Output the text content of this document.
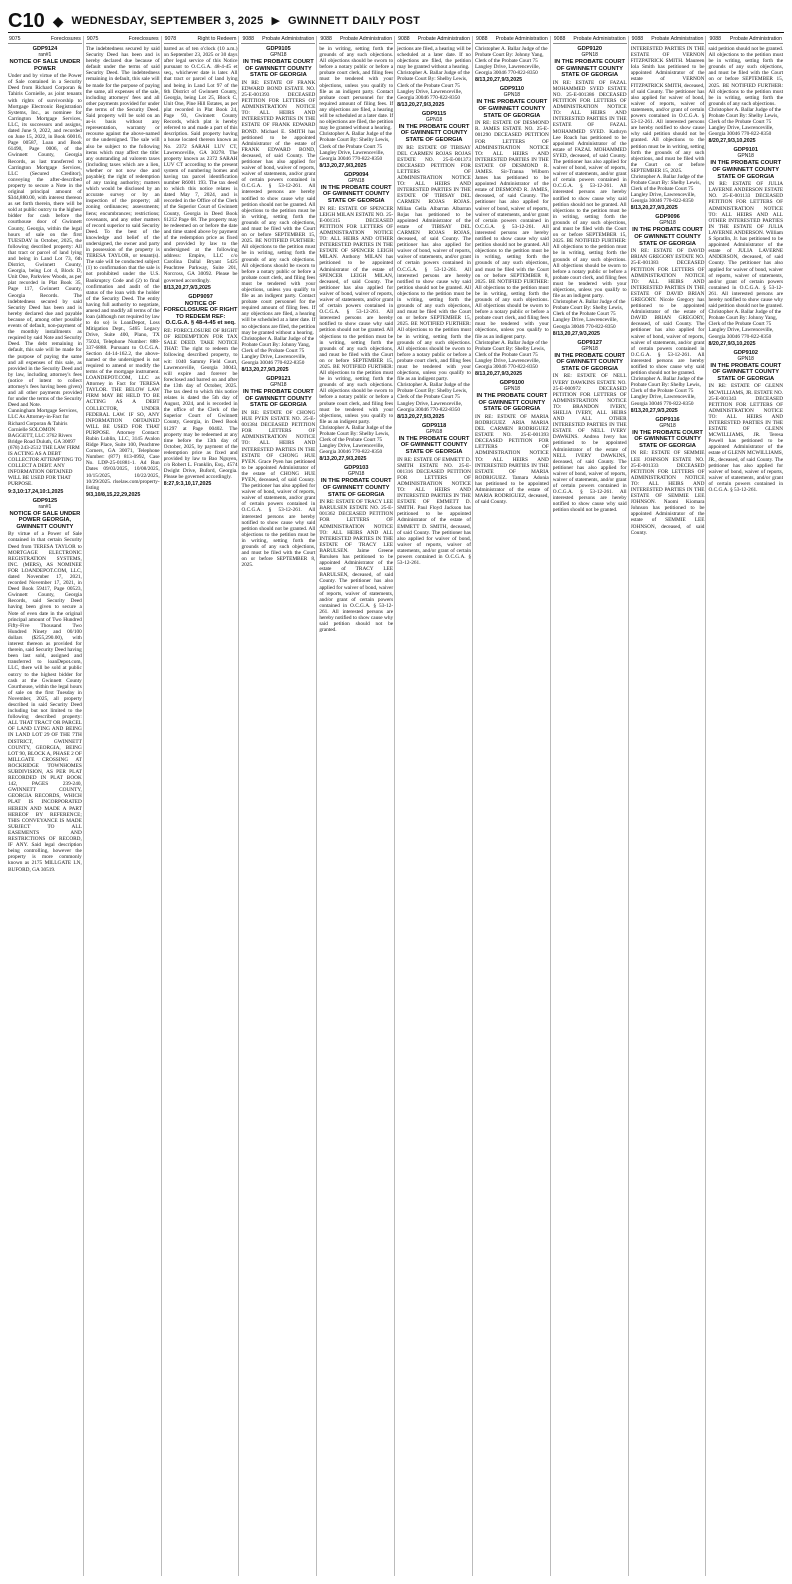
C10 ◆ WEDNESDAY, SEPTEMBER 3, 2025 ▶ GWINNETT DAILY POST
9075	Foreclosures
GDP9124
ran#1
NOTICE OF SALE UNDER POWER
Under and by virtue of the Power of Sale contained in a Security Deed from Richard Corporan & Tahiris Cornielle, as joint tenants with rights of survivorship to Mortgage Electronic Registration Systems, Inc., as nominee for Carrington Mortgage Services, LLC, its successors and assigns, dated June 9, 2022, and recorded on June 15, 2022, in Book 60016, Page 00587, Loan and Book 61490, Page 0006, of the Gwinnett County, Georgia Records, as last transferred to Carrington Mortgage Services, LLC (Secured Creditor), conveying the after-described property to secure a Note in the original principal amount of $344,880.00, with interest thereon as set forth therein, there will be sold at public outcry to the highest bidder for cash before the courthouse door of Gwinnett County, Georgia, within the legal hours of sale on the first TUESDAY in October, 2025, the following described property: All that tract or parcel of land lying and being in Land Lot 73, 6th District, Gwinnett County, Georgia, being Lot 4, Block D, Unit One, Parkview Woods, as per plat recorded in Plat Book 35, Page 117, Gwinnett County, Georgia Records. The indebtedness secured by said Security Deed has been and is hereby declared due and payable because of, among other possible events of default, non-payment of the monthly installments as required by said Note and Security Deed. The debt remaining in default, this sale will be made for the purpose of paying the same and all expenses of this sale, as provided in the Security Deed and by law, including attorney's fees (notice of intent to collect attorney's fees having been given) and all other payments provided for under the terms of the Security Deed and Note.
Cunningham Mortgage Services, LLC As Attorney-in-Fact for Richard Corporan & Tahiris Cornielle SOLOMON BAGGETT, LLC 3762 Rivers Bridge Road Duluth, GA 30097 (678) 243-2512 THE LAW FIRM IS ACTING AS A DEBT COLLECTOR ATTEMPTING TO COLLECT A DEBT. ANY INFORMATION OBTAINED WILL BE USED FOR THAT PURPOSE.
9:3,10:17,24,10:1,2025
GDP9125
ran#1
NOTICE OF SALE UNDER POWER GEORGIA, GWINNETT COUNTY
By virtue of a Power of Sale contained in that certain Security Deed from TERESA TAYLOR to MORTGAGE ELECTRONIC REGISTRATION SYSTEMS, INC. (MERS), AS NOMINEE FOR LOANDEPOT.COM, LLC, dated November 17, 2021, recorded November 17, 2021, in Deed Book 59417, Page 00523, Gwinnett County, Georgia Records, said Security Deed having been given to secure a Note of even date in the original principal amount of Two Hundred Fifty-Five Thousand Two Hundred Ninety and 00/100 dollars ($255,290.00), with interest thereon as provided for therein, said Security Deed having been last sold, assigned and transferred to loanDepot.com, LLC, there will be sold at public outcry to the highest bidder for cash at the Gwinnett County Courthouse, within the legal hours of sale on the first Tuesday in November, 2025, all property described in said Security Deed including but not limited to the following described property: ALL THAT TRACT OR PARCEL OF LAND LYING AND BEING IN LAND LOT 29 OF THE 7TH DISTRICT, GWINNETT COUNTY, GEORGIA, BEING LOT 90, BLOCK A, PHASE 2 OF MILLGATE CROSSING AT ROCKRIDGE TOWNHOMES SUBDIVISION, AS PER PLAT RECORDED IN PLAT BOOK 142, PAGES 239-240, GWINNETT COUNTY, GEORGIA RECORDS, WHICH PLAT IS INCORPORATED HEREIN AND MADE A PART HEREOF BY REFERENCE; THIS CONVEYANCE IS MADE SUBJECT TO ALL EASEMENTS AND RESTRICTIONS OF RECORD, IF ANY. Said legal description being controlling, however the property is more commonly known as 2175 MILLGATE LN, BUFORD, GA 30519.
9075	Foreclosures
The indebtedness secured by said Security Deed has been and is hereby declared due because of default under the terms of said Security Deed. The indebtedness remaining in default, this sale will be made for the purpose of paying the same, all expenses of the sale, including attorneys' fees and all other payments provided for under the terms of the Security Deed. Said property will be sold on an as-is basis without any representation, warranty or recourse against the above-named or the undersigned. The sale will also be subject to the following items which may affect the title: any outstanding ad valorem taxes (including taxes which are a lien, whether or not now due and payable); the right of redemption of any taxing authority; matters which would be disclosed by an accurate survey or by an inspection of the property; all zoning ordinances; assessments; liens; encumbrances; restrictions; covenants, and any other matters of record superior to said Security Deed. To the best of the knowledge and belief of the undersigned, the owner and party in possession of the property is TERESA TAYLOR, or tenant(s). The sale will be conducted subject (1) to confirmation that the sale is not prohibited under the U.S. Bankruptcy Code and (2) to final confirmation and audit of the status of the loan with the holder of the Security Deed. The entity having full authority to negotiate, amend and modify all terms of the loan (although not required by law to do so) is LoanDepot, Loss Mitigation Dept., 5465 Legacy Drive, Suite 400, Plano, TX 75024, Telephone Number: 888-337-6888. Pursuant to O.C.G.A. Section 44-14-162.2, the above-named or the undersigned is not required to amend or modify the terms of the mortgage instrument. LOANDEPOT.COM, LLC as Attorney in Fact for TERESA TAYLOR. THE BELOW LAW FIRM MAY BE HELD TO BE ACTING AS A DEBT COLLECTOR, UNDER FEDERAL LAW. IF SO, ANY INFORMATION OBTAINED WILL BE USED FOR THAT PURPOSE. Attorney Contact: Rubin Lublin, LLC, 3145 Avalon Ridge Place, Suite 100, Peachtree Corners, GA 30071, Telephone Number: (877) 813-0992, Case No. LDP-25-01881-1. Ad Run Dates 09/03/2025, 10/08/2025, 10/15/2025, 10/22/2025, 10/29/2025. rlselaw.com/property-listing
9/3,10/8,15,22,29,2025
9078	Right to Redeem
barred as of ten o'clock (10 a.m.) on September 23, 2025 or 30 days after legal service of this Notice pursuant to O.C.G.A. 48-4-45 et seq., whichever date is later. All that tract or parcel of land lying and being in Land Lot 97 of the 6th District of Gwinnett County, Georgia, being Lot 25, Block C, Unit One, Pine Hill Estates, as per plat recorded in Plat Book 24, Page 93, Gwinnett County Records, which plat is hereby referred to and made a part of this description. Said property having a house located thereon known as No. 2372 SARAH LUV CT, Lawrenceville, GA 30278. The property known as 2372 SARAH LUV CT according to the present system of numbering homes and having tax parcel identification number R6001 193. The tax deed to which this notice relates is dated May 7, 2024, and is recorded in the Office of the Clerk of the Superior Court of Gwinnett County, Georgia in Deed Book 61212 Page 68. The property may be redeemed on or before the date and time stated above by payment of the redemption price as fixed and provided by law to the undersigned at the following address: Empire, LLC c/o Carolina Dallal Bryant 5425 Peachtree Parkway, Suite 201, Norcross, GA 30092. Please be governed accordingly.
8/13,20,27,9/3,2025
GDP9097
NOTICE OF FORECLOSURE OF RIGHT TO REDEEM REF: O.C.G.A. § 48-4-45 et seq.
RE: FORECLOSURE OF RIGHT OF REDEMPTION FOR TAX SALE DEED. TAKE NOTICE THAT: The right to redeem the following described property, to wit: 1040 Sammy Field Court, Lawrenceville, Georgia 30043, will expire and forever be foreclosed and barred on and after the 13th day of October, 2025. The tax deed to which this notice relates is dated the 5th day of August, 2024, and is recorded in the office of the Clerk of the Superior Court of Gwinnett County, Georgia, in Deed Book 61297 at Page 00402. The property may be redeemed at any time before the 13th day of October, 2025, by payment of the redemption price as fixed and provided by law to Bao Nguyen, c/o Robert L. Franklin, Esq., 4574 Dwight Drive, Buford, Georgia. Please be governed accordingly.
8:27,9:3,10,17,2025
9088 Probate Administration
GDP9105
GPN18
IN THE PROBATE COURT OF GWINNETT COUNTY STATE OF GEORGIA
IN RE: ESTATE OF FRANK EDWARD BOND ESTATE NO. 25-E-001393 DECEASED PETITION FOR LETTERS OF ADMINISTRATION NOTICE TO: ALL HEIRS AND INTERESTED PARTIES IN THE ESTATE OF FRANK EDWARD BOND. Michael E. SMITH has petitioned to be appointed Administrator of the estate of FRANK EDWARD BOND, deceased, of said County. The petitioner has also applied for waiver of bond, waiver of reports, waiver of statements, and/or grant of certain powers contained in O.C.G.A. § 53-12-261. All interested persons are hereby notified to show cause why said petition should not be granted. All objections to the petition must be in writing, setting forth the grounds of any such objections, and must be filed with the Court on or before SEPTEMBER 15, 2025. BE NOTIFIED FURTHER: All objections to the petition must be in writing, setting forth the grounds of any such objections. All objections should be sworn to before a notary public or before a probate court clerk, and filing fees must be tendered with your objections, unless you qualify to file as an indigent party. Contact probate court personnel for the required amount of filing fees. If any objections are filed, a hearing will be scheduled at a later date. If no objections are filed, the petition may be granted without a hearing.
Christopher A. Ballar Judge of the Probate Court By: Johnny Yang, Clerk of the Probate Court 75 Langley Drive, Lawrenceville, Georgia 30046 770-822-8350
8/13,20,27,9/3,2025
GDP9121
GPN18
IN THE PROBATE COURT OF GWINNETT COUNTY STATE OF GEORGIA
IN RE: ESTATE OF CHONG HUE PYEN ESTATE NO. 25-E-001384 DECEASED PETITION FOR LETTERS OF ADMINISTRATION NOTICE TO: ALL HEIRS AND INTERESTED PARTIES IN THE ESTATE OF CHONG HUE PYEN. Grace Pyen has petitioned to be appointed Administrator of the estate of CHONG HUE PYEN, deceased, of said County. The petitioner has also applied for waiver of bond, waiver of reports, waiver of statements, and/or grant of certain powers contained in O.C.G.A. § 53-12-261. All interested persons are hereby notified to show cause why said petition should not be granted. All objections to the petition must be in writing, setting forth the grounds of any such objections, and must be filed with the Court on or before SEPTEMBER 8, 2025.
9088 Probate Administration
be in writing, setting forth the grounds of any such objections. All objections should be sworn to before a notary public or before a probate court clerk, and filing fees must be tendered with your objections, unless you qualify to file as an indigent party. Contact probate court personnel for the required amount of filing fees. If any objections are filed, a hearing will be scheduled at a later date. If no objections are filed, the petition may be granted without a hearing.
Christopher A. Ballar Judge of the Probate Court By: Shelby Lewis, Clerk of the Probate Court 75 Langley Drive, Lawrenceville, Georgia 30046 770-822-8350
8/13,20,27,9/3,2025
GDP9094
GPN18
IN THE PROBATE COURT OF GWINNETT COUNTY STATE OF GEORGIA
IN RE: ESTATE OF SPENCER LEIGH MILAN ESTATE NO. 25-E-001315 DECEASED PETITION FOR LETTERS OF ADMINISTRATION NOTICE TO: ALL HEIRS AND OTHER INTERESTED PARTIES IN THE ESTATE OF SPENCER LEIGH MILAN. Anthony MILAN has petitioned to be appointed Administrator of the estate of SPENCER LEIGH MILAN, deceased, of said County. The petitioner has also applied for waiver of bond, waiver of reports, waiver of statements, and/or grant of certain powers contained in O.C.G.A. § 53-12-261. All interested persons are hereby notified to show cause why said petition should not be granted. All objections to the petition must be in writing, setting forth the grounds of any such objections, and must be filed with the Court on or before SEPTEMBER 15, 2025. BE NOTIFIED FURTHER: All objections to the petition must be in writing, setting forth the grounds of any such objections. All objections should be sworn to before a notary public or before a probate court clerk, and filing fees must be tendered with your objections, unless you qualify to file as an indigent party.
Christopher A. Ballar Judge of the Probate Court By: Shelby Lewis, Clerk of the Probate Court 75 Langley Drive, Lawrenceville, Georgia 30046 770-822-8350
8/13,20,27,9/3,2025
GDP9103
GPN18
IN THE PROBATE COURT OF GWINNETT COUNTY STATE OF GEORGIA
IN RE: ESTATE OF TRACY LEE BARULSEN ESTATE NO. 25-E-001362 DECEASED PETITION FOR LETTERS OF ADMINISTRATION NOTICE TO: ALL HEIRS AND ALL INTERESTED PARTIES IN THE ESTATE OF TRACY LEE BARULSEN. Jaime Greene Barulsen has petitioned to be appointed Administrator of the estate of TRACY LEE BARULSEN, deceased, of said County. The petitioner has also applied for waiver of bond, waiver of reports, waiver of statements, and/or grant of certain powers contained in O.C.G.A. § 53-12-261. All interested persons are hereby notified to show cause why said petition should not be granted.
9088 Probate Administration
jections are filed, a hearing will be scheduled at a later date. If no objections are filed, the petition may be granted without a hearing.
Christopher A. Ballar Judge of the Probate Court By: Shelby Lewis, Clerk of the Probate Court 75 Langley Drive, Lawrenceville, Georgia 30046 770-822-8350
8/13,20,27,9/3,2025
GDP9115
GPN18
IN THE PROBATE COURT OF GWINNETT COUNTY STATE OF GEORGIA
IN RE: ESTATE OF TIBISAY DEL CARMEN ROJAS ROJAS ESTATE NO. 25-E-001373 DECEASED PETITION FOR LETTERS OF ADMINISTRATION NOTICE TO: ALL HEIRS AND INTERESTED PARTIES IN THE ESTATE OF TIBISAY DEL CARMEN ROJAS ROJAS. Milian Gella Albarran Albarran Rojas has petitioned to be appointed Administrator of the estate of TIBISAY DEL CARMEN ROJAS ROJAS, deceased, of said County. The petitioner has also applied for waiver of bond, waiver of reports, waiver of statements, and/or grant of certain powers contained in O.C.G.A. § 53-12-261. All interested persons are hereby notified to show cause why said petition should not be granted. All objections to the petition must be in writing, setting forth the grounds of any such objections, and must be filed with the Court on or before SEPTEMBER 15, 2025. BE NOTIFIED FURTHER: All objections to the petition must be in writing, setting forth the grounds of any such objections. All objections should be sworn to before a notary public or before a probate court clerk, and filing fees must be tendered with your objections, unless you qualify to file as an indigent party.
Christopher A. Ballar Judge of the Probate Court By: Shelby Lewis, Clerk of the Probate Court 75 Langley Drive, Lawrenceville, Georgia 30046 770-822-8350
8/13,20,27,9/3,2025
GDP9118
GPN18
IN THE PROBATE COURT OF GWINNETT COUNTY STATE OF GEORGIA
IN RE: ESTATE OF EMMETT D. SMITH ESTATE NO. 25-E-001316 DECEASED PETITION FOR LETTERS OF ADMINISTRATION NOTICE TO: ALL HEIRS AND INTERESTED PARTIES IN THE ESTATE OF EMMETT D. SMITH. Paul Floyd Jackson has petitioned to be appointed Administrator of the estate of EMMETT D. SMITH, deceased, of said County. The petitioner has also applied for waiver of bond, waiver of reports, waiver of statements, and/or grant of certain powers contained in O.C.G.A. § 53-12-261.
9088 Probate Administration
Christopher A. Ballar Judge of the Probate Court By: Johnny Yang, Clerk of the Probate Court 75 Langley Drive, Lawrenceville, Georgia 30046 770-822-8350
8/13,20,27,9/3,2025
GDP9110
GPN18
IN THE PROBATE COURT OF GWINNETT COUNTY STATE OF GEORGIA
IN RE: ESTATE OF DESMOND R. JAMES ESTATE NO. 25-E-001290 DECEASED PETITION FOR LETTERS OF ADMINISTRATION NOTICE TO: ALL HEIRS AND INTERESTED PARTIES IN THE ESTATE OF DESMOND R. JAMES. Sir-Tranna Wilborn James has petitioned to be appointed Administrator of the estate of DESMOND R. JAMES, deceased, of said County. The petitioner has also applied for waiver of bond, waiver of reports, waiver of statements, and/or grant of certain powers contained in O.C.G.A. § 53-12-261. All interested persons are hereby notified to show cause why said petition should not be granted. All objections to the petition must be in writing, setting forth the grounds of any such objections, and must be filed with the Court on or before SEPTEMBER 8, 2025. BE NOTIFIED FURTHER: All objections to the petition must be in writing, setting forth the grounds of any such objections. All objections should be sworn to before a notary public or before a probate court clerk, and filing fees must be tendered with your objections, unless you qualify to file as an indigent party.
Christopher A. Ballar Judge of the Probate Court By: Shelby Lewis, Clerk of the Probate Court 75 Langley Drive, Lawrenceville, Georgia 30046 770-822-8350
8/13,20,27,9/3,2025
GDP9100
GPN18
IN THE PROBATE COURT OF GWINNETT COUNTY STATE OF GEORGIA
IN RE: ESTATE OF MARIA RODRIGUEZ ARIA MARIA DEL CARMEN RODRIGUEZ ESTATE NO. 25-E-001393 DECEASED PETITION FOR LETTERS OF ADMINISTRATION NOTICE TO: ALL HEIRS AND INTERESTED PARTIES IN THE ESTATE OF MARIA RODRIGUEZ. Tamara Adonia has petitioned to be appointed Administrator of the estate of MARIA RODRIGUEZ, deceased, of said County.
9088 Probate Administration
GDP9120
GPN18
IN THE PROBATE COURT OF GWINNETT COUNTY STATE OF GEORGIA
IN RE: ESTATE OF FAZAL MOHAMMED SYED ESTATE NO. 25-E-001386 DECEASED PETITION FOR LETTERS OF ADMINISTRATION NOTICE TO: ALL HEIRS AND INTERESTED PARTIES IN THE ESTATE OF FAZAL MOHAMMED SYED. Kathryn Lee Roach has petitioned to be appointed Administrator of the estate of FAZAL MOHAMMED SYED, deceased, of said County. The petitioner has also applied for waiver of bond, waiver of reports, waiver of statements, and/or grant of certain powers contained in O.C.G.A. § 53-12-261. All interested persons are hereby notified to show cause why said petition should not be granted. All objections to the petition must be in writing, setting forth the grounds of any such objections, and must be filed with the Court on or before SEPTEMBER 15, 2025. BE NOTIFIED FURTHER: All objections to the petition must be in writing, setting forth the grounds of any such objections. All objections should be sworn to before a notary public or before a probate court clerk, and filing fees must be tendered with your objections, unless you qualify to file as an indigent party.
Christopher A. Ballar Judge of the Probate Court By: Shelby Lewis, Clerk of the Probate Court 75 Langley Drive, Lawrenceville, Georgia 30046 770-822-8350
8/13,20,27,9/3,2025
GDP9127
GPN18
IN THE PROBATE COURT OF GWINNETT COUNTY STATE OF GEORGIA
IN RE: ESTATE OF NELL IVERY DAWKINS ESTATE NO. 25-E-000972 DECEASED PETITION FOR LETTERS OF ADMINISTRATION NOTICE TO: BRANDON IVERY, SHELIA IVERY, ALL HEIRS AND ALL OTHER INTERESTED PARTIES IN THE ESTATE OF NELL IVERY DAWKINS. Andrea Ivery has petitioned to be appointed Administrator of the estate of NELL IVERY DAWKINS, deceased, of said County. The petitioner has also applied for waiver of bond, waiver of reports, waiver of statements, and/or grant of certain powers contained in O.C.G.A. § 53-12-261. All interested persons are hereby notified to show cause why said petition should not be granted.
9088 Probate Administration
INTERESTED PARTIES IN THE ESTATE OF VERNON FITZPATRICK SMITH. Maureen Iola Smith has petitioned to be appointed Administrator of the estate of VERNON FITZPATRICK SMITH, deceased, of said County. The petitioner has also applied for waiver of bond, waiver of reports, waiver of statements, and/or grant of certain powers contained in O.C.G.A. § 53-12-261. All interested persons are hereby notified to show cause why said petition should not be granted. All objections to the petition must be in writing, setting forth the grounds of any such objections, and must be filed with the Court on or before SEPTEMBER 15, 2025.
Christopher A. Ballar Judge of the Probate Court By: Shelby Lewis, Clerk of the Probate Court 75 Langley Drive, Lawrenceville, Georgia 30046 770-822-8350
8/13,20,27,9/3,2025
GDP9096
GPN18
IN THE PROBATE COURT OF GWINNETT COUNTY STATE OF GEORGIA
IN RE: ESTATE OF DAVID BRIAN GREGORY ESTATE NO. 25-E-001383 DECEASED PETITION FOR LETTERS OF ADMINISTRATION NOTICE TO: ALL HEIRS AND INTERESTED PARTIES IN THE ESTATE OF DAVID BRIAN GREGORY. Nicole Gregory has petitioned to be appointed Administrator of the estate of DAVID BRIAN GREGORY, deceased, of said County. The petitioner has also applied for waiver of bond, waiver of reports, waiver of statements, and/or grant of certain powers contained in O.C.G.A. § 53-12-261. All interested persons are hereby notified to show cause why said petition should not be granted.
Christopher A. Ballar Judge of the Probate Court By: Shelby Lewis, Clerk of the Probate Court 75 Langley Drive, Lawrenceville, Georgia 30046 770-822-8350
8/13,20,27,9/3,2025
GDP9116
GPN18
IN THE PROBATE COURT OF GWINNETT COUNTY STATE OF GEORGIA
IN RE: ESTATE OF SEMMIE LEE JOHNSON ESTATE NO. 25-E-001333 DECEASED PETITION FOR LETTERS OF ADMINISTRATION NOTICE TO: ALL HEIRS AND INTERESTED PARTIES IN THE ESTATE OF SEMMIE LEE JOHNSON. Naomi Kiomara Johnson has petitioned to be appointed Administrator of the estate of SEMMIE LEE JOHNSON, deceased, of said County.
9088 Probate Administration
said petition should not be granted. All objections to the petition must be in writing, setting forth the grounds of any such objections, and must be filed with the Court on or before SEPTEMBER 15, 2025. BE NOTIFIED FURTHER: All objections to the petition must be in writing, setting forth the grounds of any such objections.
Christopher A. Ballar Judge of the Probate Court By: Shelby Lewis, Clerk of the Probate Court 75 Langley Drive, Lawrenceville, Georgia 30046 770-822-8350
8/20,27,9/3,10,2025
GDP9101
GPN18
IN THE PROBATE COURT OF GWINNETT COUNTY STATE OF GEORGIA
IN RE: ESTATE OF JULIA LAVERNE ANDERSON ESTATE NO. 25-E-001133 DECEASED PETITION FOR LETTERS OF ADMINISTRATION NOTICE TO: ALL HEIRS AND ALL OTHER INTERESTED PARTIES IN THE ESTATE OF JULIA LAVERNE ANDERSON. William S Spratlin, Jr. has petitioned to be appointed Administrator of the estate of JULIA LAVERNE ANDERSON, deceased, of said County. The petitioner has also applied for waiver of bond, waiver of reports, waiver of statements, and/or grant of certain powers contained in O.C.G.A. § 53-12-261. All interested persons are hereby notified to show cause why said petition should not be granted.
Christopher A. Ballar Judge of the Probate Court By: Johnny Yang, Clerk of the Probate Court 75 Langley Drive, Lawrenceville, Georgia 30046 770-822-8350
8/20,27,9/3,10,2025
GDP9102
GPN18
IN THE PROBATE COURT OF GWINNETT COUNTY STATE OF GEORGIA
IN RE: ESTATE OF GLENN MCWILLIAMS, JR. ESTATE NO. 25-E-001343 DECEASED PETITION FOR LETTERS OF ADMINISTRATION NOTICE TO: ALL HEIRS AND INTERESTED PARTIES IN THE ESTATE OF GLENN MCWILLIAMS, JR. Teresa Powell has petitioned to be appointed Administrator of the estate of GLENN MCWILLIAMS, JR., deceased, of said County. The petitioner has also applied for waiver of bond, waiver of reports, waiver of statements, and/or grant of certain powers contained in O.C.G.A. § 53-12-261.
